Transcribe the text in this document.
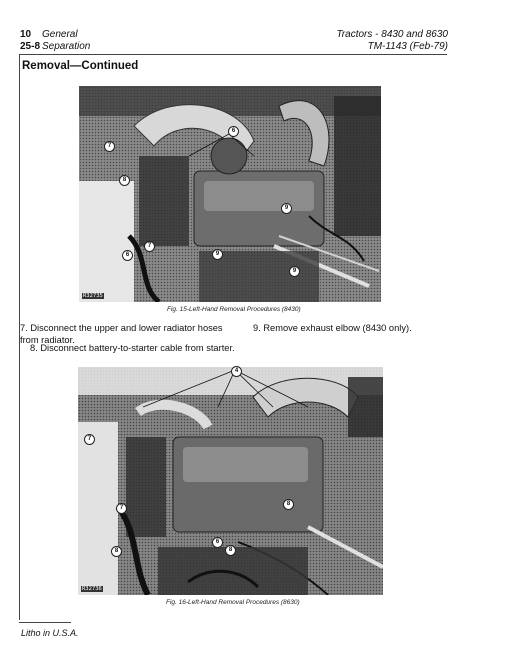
10 General
25-8 Separation
Tractors - 8430 and 8630
TM-1143 (Feb-79)
Removal—Continued
R32735
6
7
8
9
6
7
9
9
Fig. 15-Left-Hand Removal Procedures (8430)
7. Disconnect the upper and lower radiator hoses from radiator.
8. Disconnect battery-to-starter cable from starter.
9. Remove exhaust elbow (8430 only).
R32736
4
7
7
8
8
6
8
Fig. 16-Left-Hand Removal Procedures (8630)
Litho in U.S.A.
